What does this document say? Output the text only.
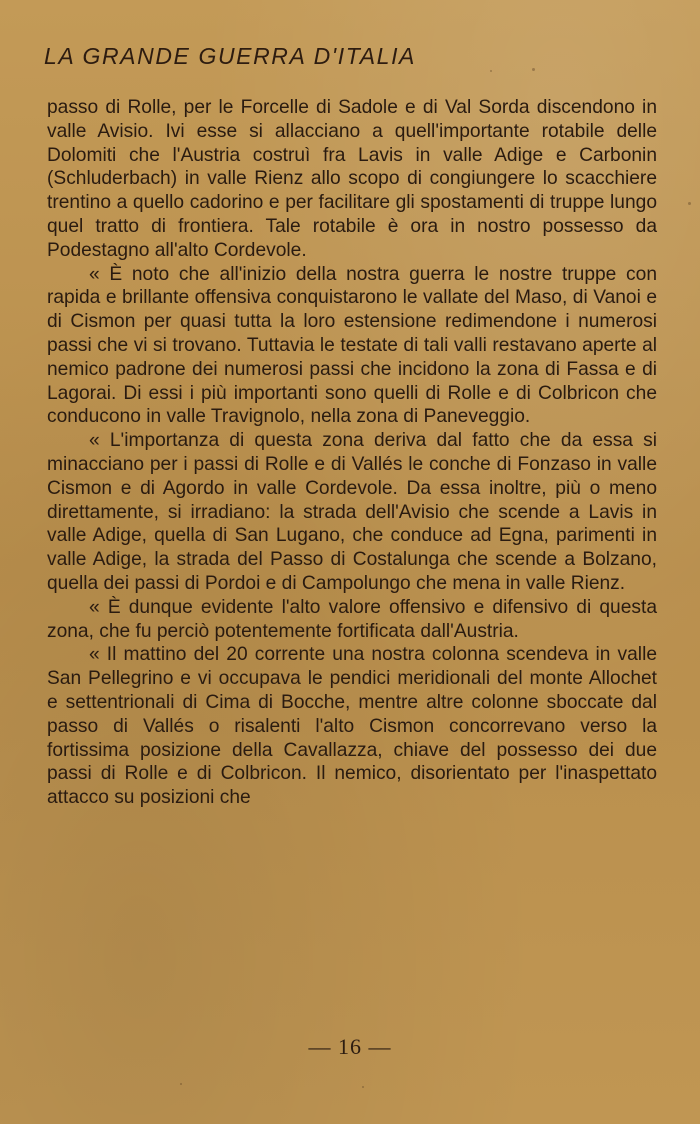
LA GRANDE GUERRA D'ITALIA

passo di Rolle, per le Forcelle di Sadole e di Val Sorda discendono in valle Avisio. Ivi esse si allacciano a quell'importante rotabile delle Dolomiti che l'Austria costruì fra Lavis in valle Adige e Carbonin (Schluderbach) in valle Rienz allo scopo di congiungere lo scacchiere trentino a quello cadorino e per facilitare gli spostamenti di truppe lungo quel tratto di frontiera. Tale rotabile è ora in nostro possesso da Podestagno all'alto Cordevole.

« È noto che all'inizio della nostra guerra le nostre truppe con rapida e brillante offensiva conquistarono le vallate del Maso, di Vanoi e di Cismon per quasi tutta la loro estensione redimendone i numerosi passi che vi si trovano. Tuttavia le testate di tali valli restavano aperte al nemico padrone dei numerosi passi che incidono la zona di Fassa e di Lagorai. Di essi i più importanti sono quelli di Rolle e di Colbricon che conducono in valle Travignolo, nella zona di Paneveggio.

« L'importanza di questa zona deriva dal fatto che da essa si minacciano per i passi di Rolle e di Vallés le conche di Fonzaso in valle Cismon e di Agordo in valle Cordevole. Da essa inoltre, più o meno direttamente, si irradiano: la strada dell'Avisio che scende a Lavis in valle Adige, quella di San Lugano, che conduce ad Egna, parimenti in valle Adige, la strada del Passo di Costalunga che scende a Bolzano, quella dei passi di Pordoi e di Campolungo che mena in valle Rienz.

« È dunque evidente l'alto valore offensivo e difensivo di questa zona, che fu perciò potentemente fortificata dall'Austria.

« Il mattino del 20 corrente una nostra colonna scendeva in valle San Pellegrino e vi occupava le pendici meridionali del monte Allochet e settentrionali di Cima di Bocche, mentre altre colonne sboccate dal passo di Vallés o risalenti l'alto Cismon concorrevano verso la fortissima posizione della Cavallazza, chiave del possesso dei due passi di Rolle e di Colbricon. Il nemico, disorientato per l'inaspettato attacco su posizioni che

— 16 —
